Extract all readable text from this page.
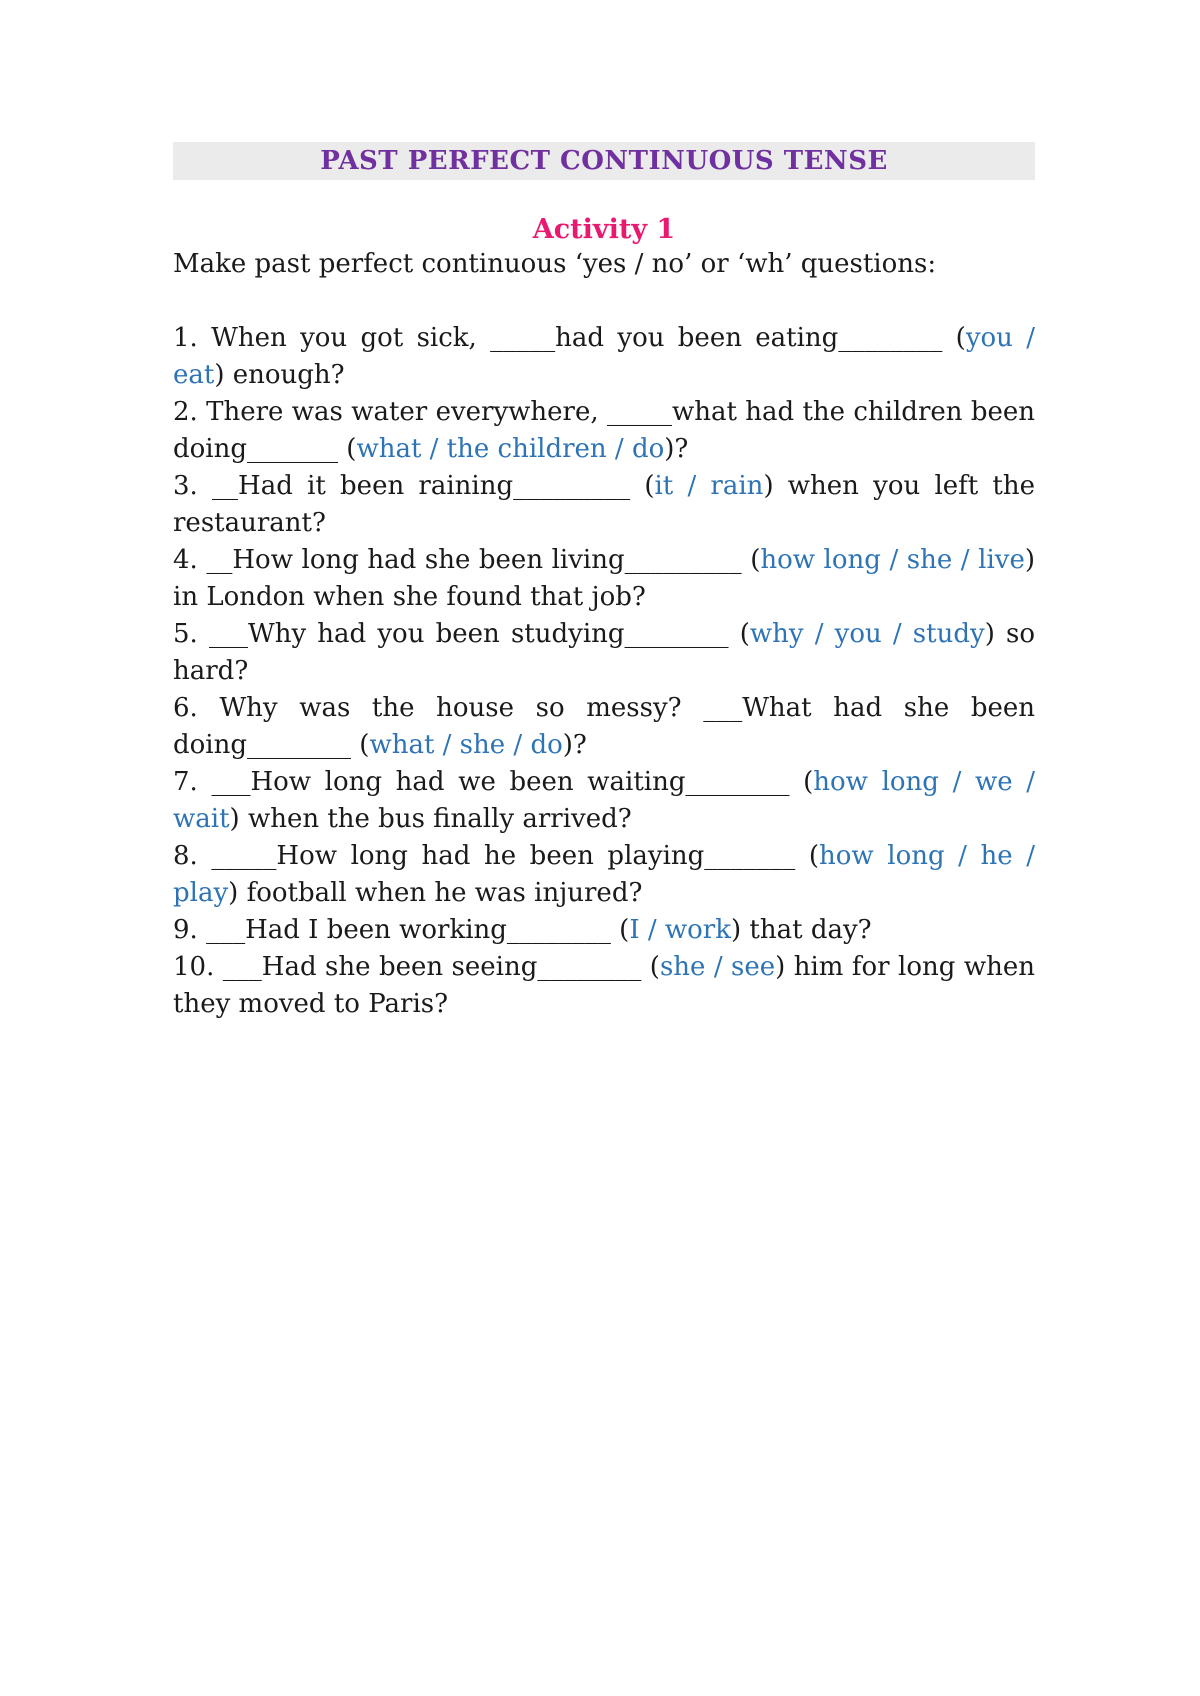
PAST PERFECT CONTINUOUS TENSE
Activity 1

Make past perfect continuous ‘yes / no’ or ‘wh’ questions:

1. When you got sick, _____had you been eating________ (you / eat) enough?
2. There was water everywhere, _____what had the children been doing_______ (what / the children / do)?
3. __Had it been raining_________ (it / rain) when you left the restaurant?
4. __How long had she been living_________ (how long / she / live) in London when she found that job?
5. ___Why had you been studying________ (why / you / study) so hard?
6. Why was the house so messy? ___What had she been doing________ (what / she / do)?
7. ___How long had we been waiting________ (how long / we / wait) when the bus finally arrived?
8. _____How long had he been playing_______ (how long / he / play) football when he was injured?
9. ___Had I been working________ (I / work) that day?
10. ___Had she been seeing________ (she / see) him for long when they moved to Paris?
